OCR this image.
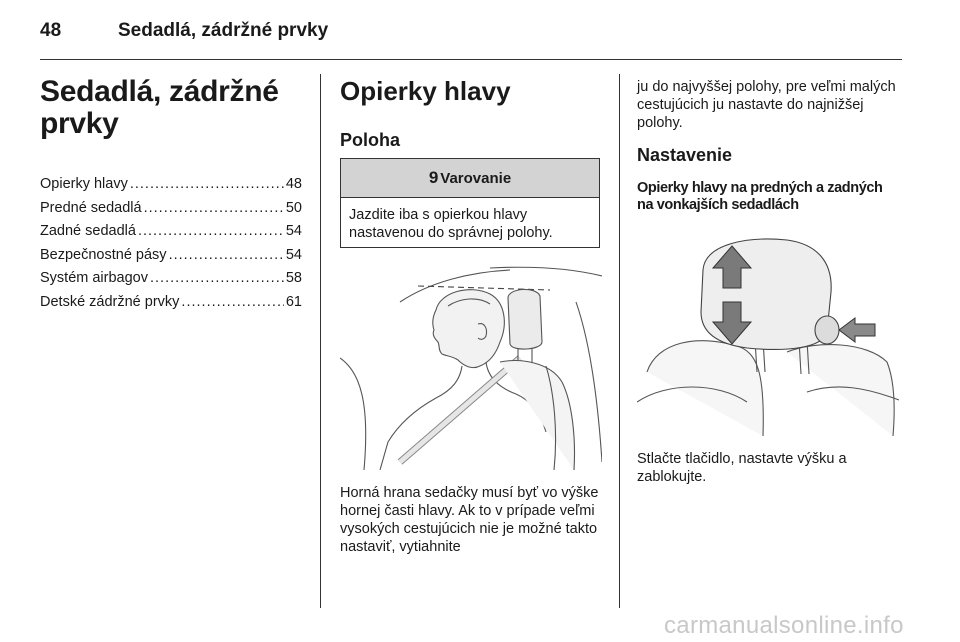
48	Sedadlá, zádržné prvky
Sedadlá, zádržné prvky
Opierky hlavy .....	48
Predné sedadlá .....	50
Zadné sedadlá .....	54
Bezpečnostné pásy .....	54
Systém airbagov .....	58
Detské zádržné prvky .....	61
Opierky hlavy
Poloha
9 Varovanie
Jazdite iba s opierkou hlavy nastavenou do správnej polohy.
Horná hrana sedačky musí byť vo výške hornej časti hlavy. Ak to v prípade veľmi vysokých cestujúcich nie je možné takto nastaviť, vytiahnite
ju do najvyššej polohy, pre veľmi malých cestujúcich ju nastavte do najnižšej polohy.
Nastavenie
Opierky hlavy na predných a zadných na vonkajších sedadlách
Stlačte tlačidlo, nastavte výšku a zablokujte.
carmanualsonline.info
